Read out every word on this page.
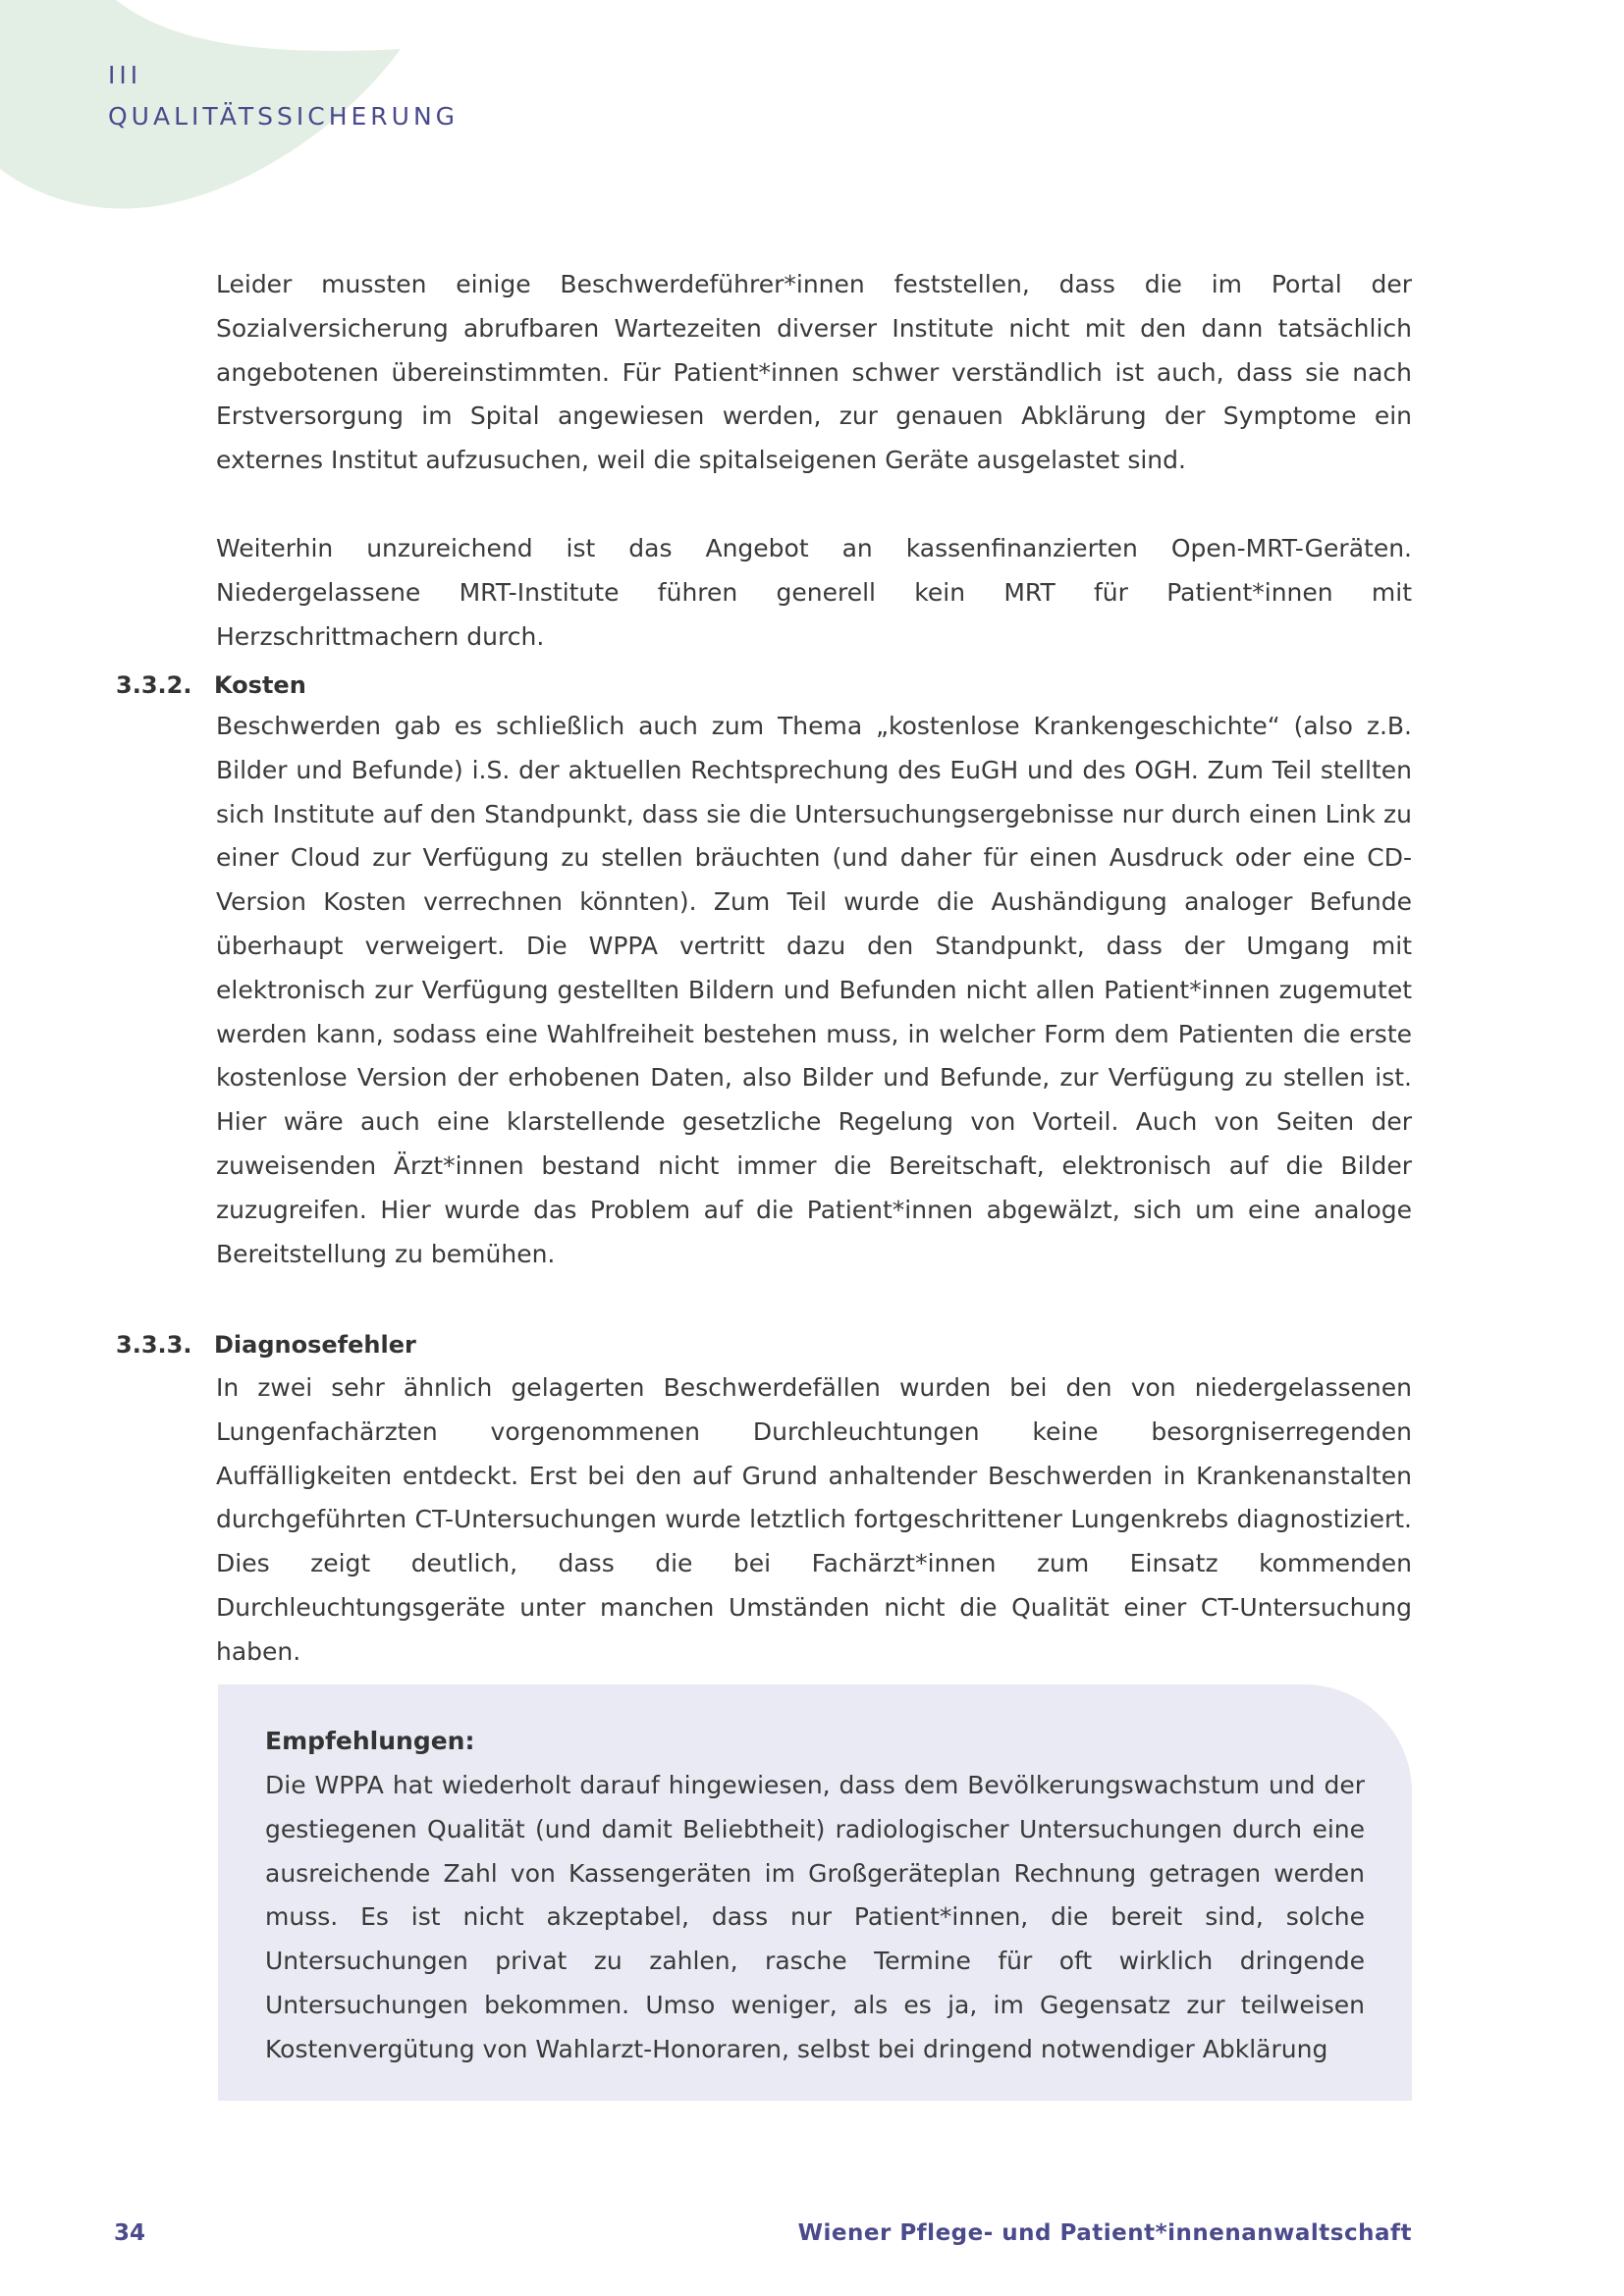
III
QUALITÄTSSICHERUNG

Leider mussten einige Beschwerdeführer*innen feststellen, dass die im Portal der Sozialversicherung abrufbaren Wartezeiten diverser Institute nicht mit den dann tatsächlich angebotenen übereinstimmten. Für Patient*innen schwer verständlich ist auch, dass sie nach Erstversorgung im Spital angewiesen werden, zur genauen Abklärung der Symptome ein externes Institut aufzusuchen, weil die spitalseigenen Geräte ausgelastet sind.

Weiterhin unzureichend ist das Angebot an kassenfinanzierten Open-MRT-Geräten. Niedergelassene MRT-Institute führen generell kein MRT für Patient*innen mit Herzschrittmachern durch.

3.3.2. Kosten

Beschwerden gab es schließlich auch zum Thema „kostenlose Krankengeschichte“ (also z.B. Bilder und Befunde) i.S. der aktuellen Rechtsprechung des EuGH und des OGH. Zum Teil stellten sich Institute auf den Standpunkt, dass sie die Untersuchungsergebnisse nur durch einen Link zu einer Cloud zur Verfügung zu stellen bräuchten (und daher für einen Ausdruck oder eine CD-Version Kosten verrechnen könnten). Zum Teil wurde die Aushändigung analoger Befunde überhaupt verweigert. Die WPPA vertritt dazu den Standpunkt, dass der Umgang mit elektronisch zur Verfügung gestellten Bildern und Befunden nicht allen Patient*innen zugemutet werden kann, sodass eine Wahlfreiheit bestehen muss, in welcher Form dem Patienten die erste kostenlose Version der erhobenen Daten, also Bilder und Befunde, zur Verfügung zu stellen ist. Hier wäre auch eine klarstellende gesetzliche Regelung von Vorteil. Auch von Seiten der zuweisenden Ärzt*innen bestand nicht immer die Bereitschaft, elektronisch auf die Bilder zuzugreifen. Hier wurde das Problem auf die Patient*innen abgewälzt, sich um eine analoge Bereitstellung zu bemühen.

3.3.3. Diagnosefehler

In zwei sehr ähnlich gelagerten Beschwerdefällen wurden bei den von niedergelassenen Lungenfachärzten vorgenommenen Durchleuchtungen keine besorgniserregenden Auffälligkeiten entdeckt. Erst bei den auf Grund anhaltender Beschwerden in Krankenanstalten durchgeführten CT-Untersuchungen wurde letztlich fortgeschrittener Lungenkrebs diagnostiziert. Dies zeigt deutlich, dass die bei Fachärzt*innen zum Einsatz kommenden Durchleuchtungsgeräte unter manchen Umständen nicht die Qualität einer CT-Untersuchung haben.

Empfehlungen:

Die WPPA hat wiederholt darauf hingewiesen, dass dem Bevölkerungswachstum und der gestiegenen Qualität (und damit Beliebtheit) radiologischer Untersuchungen durch eine ausreichende Zahl von Kassengeräten im Großgeräteplan Rechnung getragen werden muss. Es ist nicht akzeptabel, dass nur Patient*innen, die bereit sind, solche Untersuchungen privat zu zahlen, rasche Termine für oft wirklich dringende Untersuchungen bekommen. Umso weniger, als es ja, im Gegensatz zur teilweisen Kostenvergütung von Wahlarzt-Honoraren, selbst bei dringend notwendiger Abklärung

34	Wiener Pflege- und Patient*innenanwaltschaft
